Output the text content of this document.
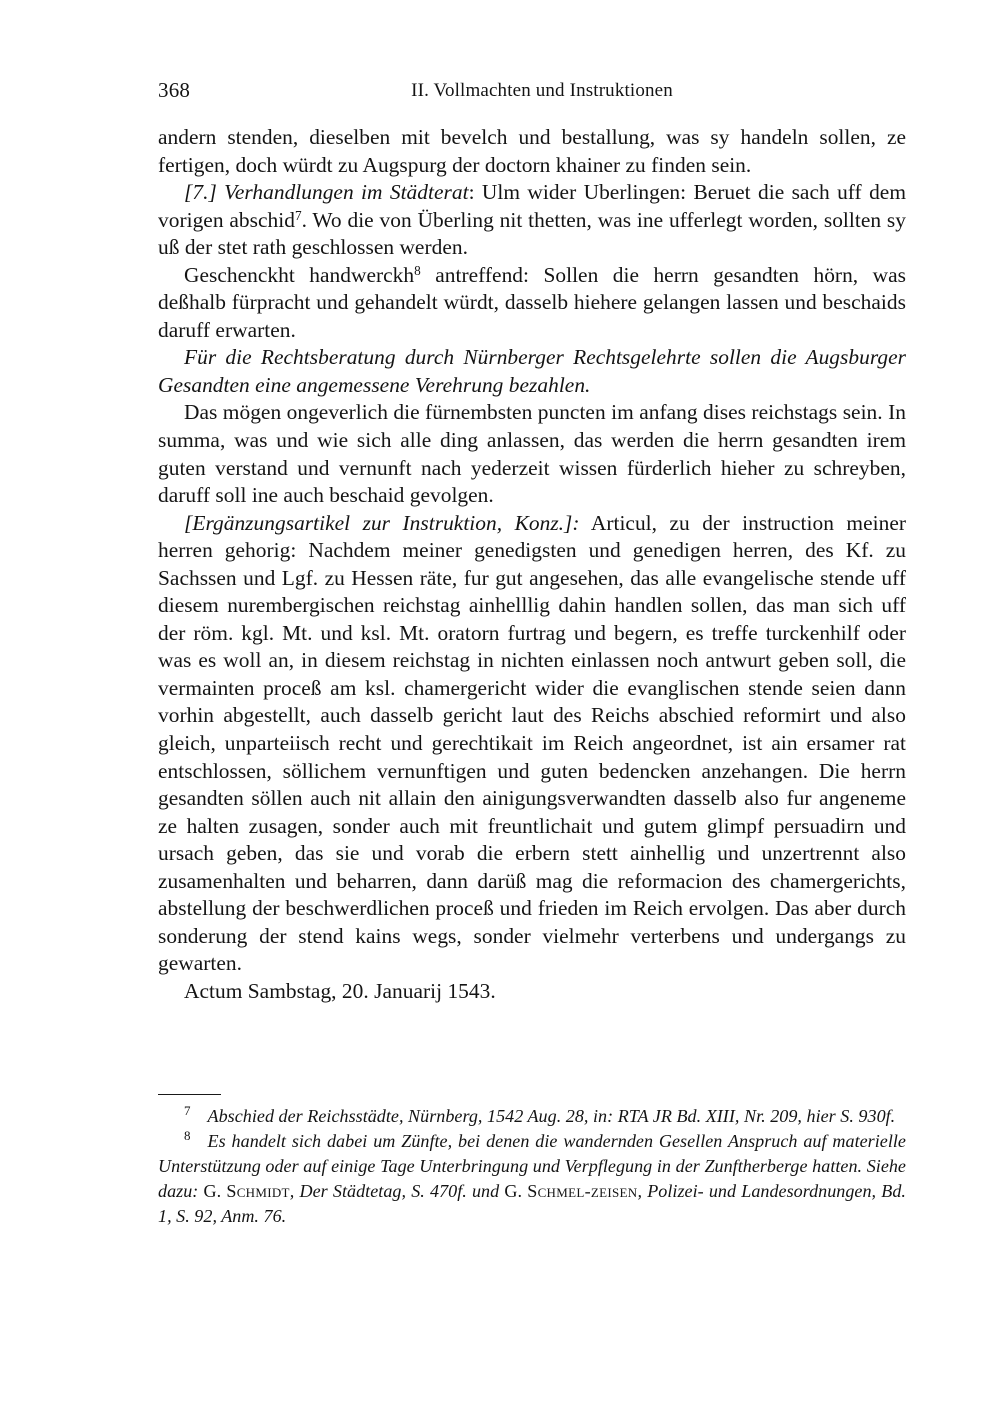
368	II. Vollmachten und Instruktionen

andern stenden, dieselben mit bevelch und bestallung, was sy handeln sollen, ze fertigen, doch würdt zu Augspurg der doctorn khainer zu finden sein.

[7.] Verhandlungen im Städterat: Ulm wider Uberlingen: Beruet die sach uff dem vorigen abschid$^7$. Wo die von Überling nit thetten, was ine ufferlegt worden, sollten sy uß der stet rath geschlossen werden.

Geschenckht handwerckh$^8$ antreffend: Sollen die herrn gesandten hörn, was deßhalb fürpracht und gehandelt würdt, dasselb hiehere gelangen lassen und beschaids daruff erwarten.

Für die Rechtsberatung durch Nürnberger Rechtsgelehrte sollen die Augsburger Gesandten eine angemessene Verehrung bezahlen.

Das mögen ongeverlich die fürnembsten puncten im anfang dises reichstags sein. In summa, was und wie sich alle ding anlassen, das werden die herrn gesandten irem guten verstand und vernunft nach yederzeit wissen fürderlich hieher zu schreyben, daruff soll ine auch beschaid gevolgen.

[Ergänzungsartikel zur Instruktion, Konz.]: Articul, zu der instruction meiner herren gehorig: Nachdem meiner genedigsten und genedigen herren, des Kf. zu Sachssen und Lgf. zu Hessen räte, fur gut angesehen, das alle evangelische stende uff diesem nurembergischen reichstag ainhelllig dahin handlen sollen, das man sich uff der röm. kgl. Mt. und ksl. Mt. oratorn furtrag und begern, es treffe turckenhilf oder was es woll an, in diesem reichstag in nichten einlassen noch antwurt geben soll, die vermainten proceß am ksl. chamergericht wider die evanglischen stende seien dann vorhin abgestellt, auch dasselb gericht laut des Reichs abschied reformirt und also gleich, unparteiisch recht und gerechtikait im Reich angeordnet, ist ain ersamer rat entschlossen, söllichem vernunftigen und guten bedencken anzehangen. Die herrn gesandten söllen auch nit allain den ainigungsverwandten dasselb also fur angeneme ze halten zusagen, sonder auch mit freuntlichait und gutem glimpf persuadirn und ursach geben, das sie und vorab die erbern stett ainhellig und unzertrennt also zusamenhalten und beharren, dann darüß mag die reformacion des chamergerichts, abstellung der beschwerdlichen proceß und frieden im Reich ervolgen. Das aber durch sonderung der stend kains wegs, sonder vielmehr verterbens und undergangs zu gewarten.

Actum Sambstag, 20. Januarij 1543.

$^7$ Abschied der Reichsstädte, Nürnberg, 1542 Aug. 28, in: RTA JR Bd. XIII, Nr. 209, hier S. 930f.

$^8$ Es handelt sich dabei um Zünfte, bei denen die wandernden Gesellen Anspruch auf materielle Unterstützung oder auf einige Tage Unterbringung und Verpflegung in der Zunftherberge hatten. Siehe dazu: G. Schmidt, Der Städtetag, S. 470f. und G. Schmel-zeisen, Polizei- und Landesordnungen, Bd. 1, S. 92, Anm. 76.
